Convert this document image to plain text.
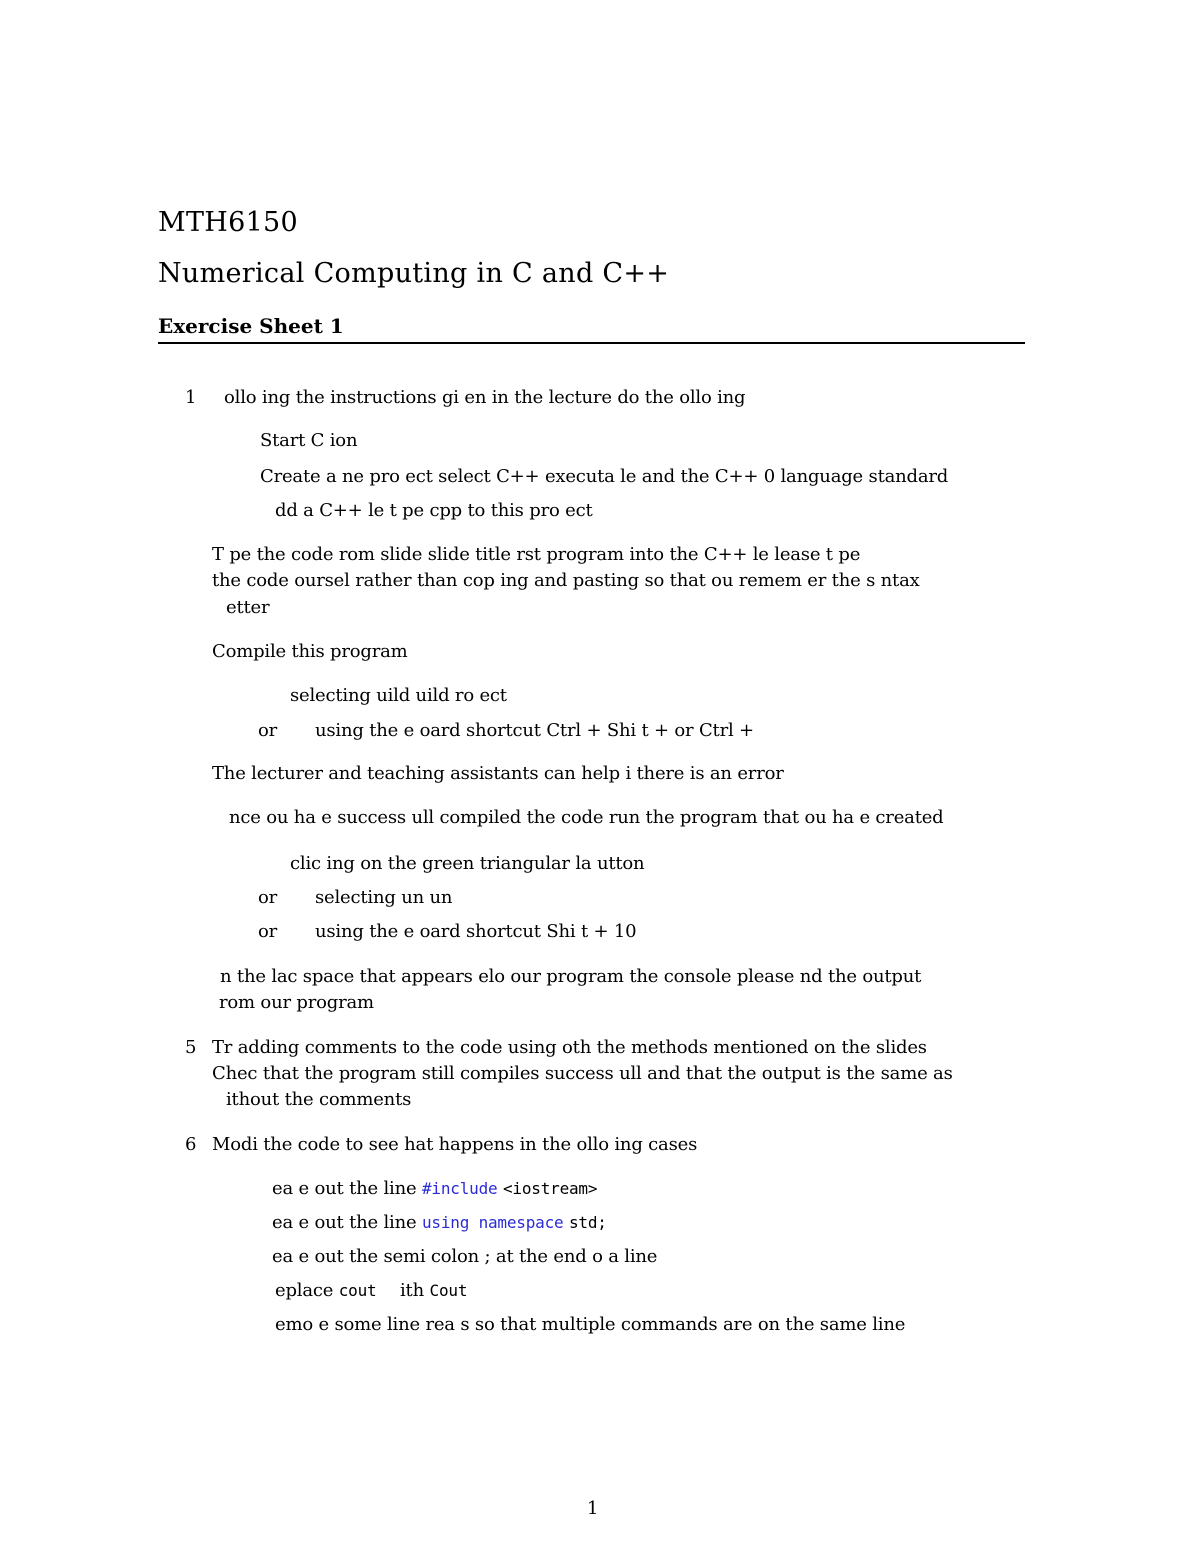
MTH6150
Numerical Computing in C and C++
Exercise Sheet 1
1 ollo ing the instructions gi en in the lecture do the ollo ing
Start C ion
Create a ne pro ect select C++ executa le and the C++ 0 language standard
dd a C++ le t pe cpp to this pro ect
T pe the code rom slide slide title rst program into the C++ le lease t pe
the code oursel rather than cop ing and pasting so that ou remem er the s ntax
etter
Compile this program
selecting uild uild ro ect
or using the e oard shortcut Ctrl + Shi t + or Ctrl +
The lecturer and teaching assistants can help i there is an error
nce ou ha e success ull compiled the code run the program that ou ha e created
clic ing on the green triangular la utton
or selecting un un
or using the e oard shortcut Shi t + 10
n the lac space that appears elo our program the console please nd the output
rom our program
5 Tr adding comments to the code using oth the methods mentioned on the slides
Chec that the program still compiles success ull and that the output is the same as
ithout the comments
6 Modi the code to see hat happens in the ollo ing cases
ea e out the line #include <iostream>
ea e out the line using namespace std;
ea e out the semi colon ; at the end o a line
eplace cout ith Cout
emo e some line rea s so that multiple commands are on the same line
1
